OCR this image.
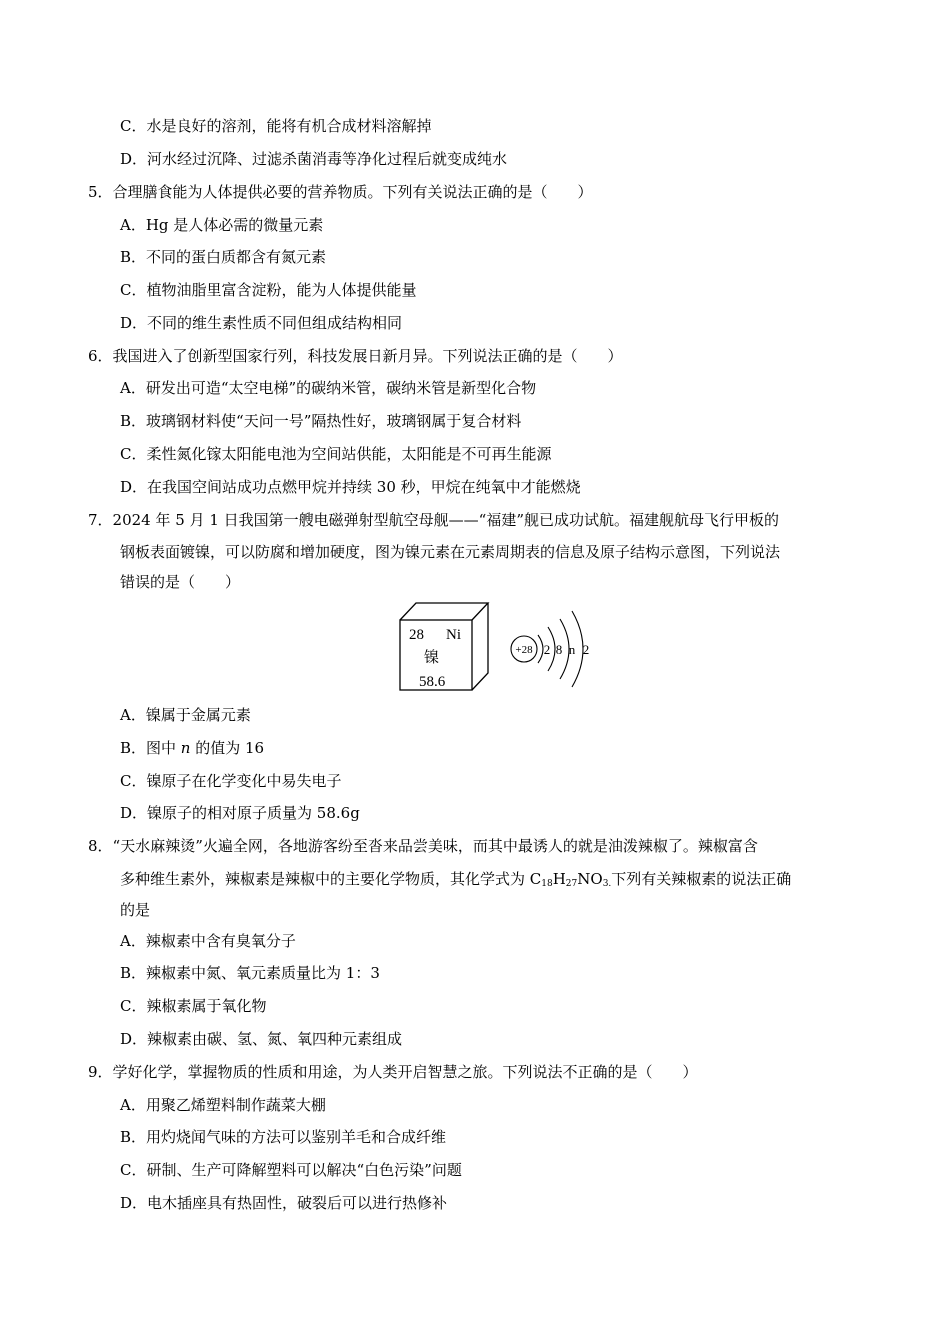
C．水是良好的溶剂，能将有机合成材料溶解掉
D．河水经过沉降、过滤杀菌消毒等净化过程后就变成纯水
5．合理膳食能为人体提供必要的营养物质。下列有关说法正确的是（　　）
A．Hg 是人体必需的微量元素
B．不同的蛋白质都含有氮元素
C．植物油脂里富含淀粉，能为人体提供能量
D．不同的维生素性质不同但组成结构相同
6．我国进入了创新型国家行列，科技发展日新月异。下列说法正确的是（　　）
A．研发出可造“太空电梯”的碳纳米管，碳纳米管是新型化合物
B．玻璃钢材料使“天问一号”隔热性好，玻璃钢属于复合材料
C．柔性氮化镓太阳能电池为空间站供能，太阳能是不可再生能源
D．在我国空间站成功点燃甲烷并持续 30 秒，甲烷在纯氧中才能燃烧
7．2024 年 5 月 1 日我国第一艘电磁弹射型航空母舰——“福建”舰已成功试航。福建舰航母飞行甲板的
钢板表面镀镍，可以防腐和增加硬度，图为镍元素在元素周期表的信息及原子结构示意图，下列说法
错误的是（　　）
28 Ni
镍
58.6
+28 2 8 n 2
A．镍属于金属元素
B．图中 n 的值为 16
C．镍原子在化学变化中易失电子
D．镍原子的相对原子质量为 58.6g
8．“天水麻辣烫”火遍全网，各地游客纷至沓来品尝美味，而其中最诱人的就是油泼辣椒了。辣椒富含
多种维生素外，辣椒素是辣椒中的主要化学物质，其化学式为 $C_{18}H_{27}NO_{3.}$下列有关辣椒素的说法正确
的是
A．辣椒素中含有臭氧分子
B．辣椒素中氮、氧元素质量比为 1：3
C．辣椒素属于氧化物
D．辣椒素由碳、氢、氮、氧四种元素组成
9．学好化学，掌握物质的性质和用途，为人类开启智慧之旅。下列说法不正确的是（　　）
A．用聚乙烯塑料制作蔬菜大棚
B．用灼烧闻气味的方法可以鉴别羊毛和合成纤维
C．研制、生产可降解塑料可以解决“白色污染”问题
D．电木插座具有热固性，破裂后可以进行热修补
